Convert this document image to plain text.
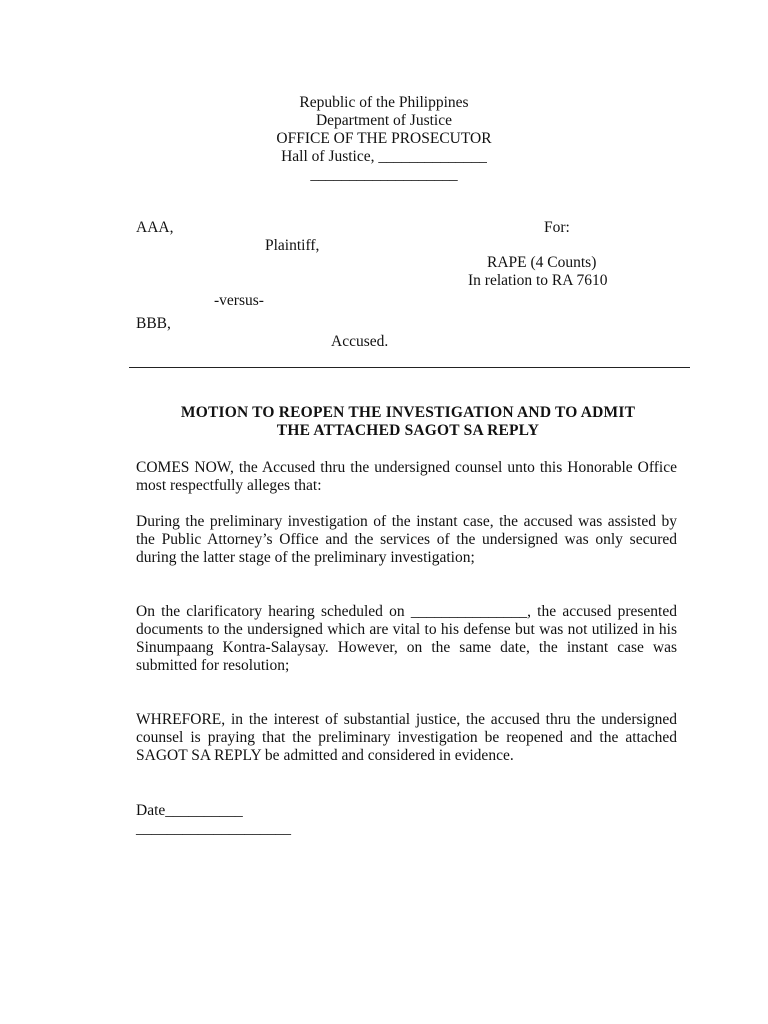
Republic of the Philippines
Department of Justice
OFFICE OF THE PROSECUTOR
Hall of Justice, ______________
___________________
AAA,
Plaintiff,
-versus-
BBB,
Accused.
For:
RAPE (4 Counts)
In relation to RA 7610
MOTION TO REOPEN THE INVESTIGATION AND TO ADMIT
THE ATTACHED SAGOT SA REPLY

COMES NOW, the Accused thru the undersigned counsel unto this Honorable Office most respectfully alleges that:

During the preliminary investigation of the instant case, the accused was assisted by the Public Attorney’s Office and the services of the undersigned was only secured during the latter stage of the preliminary investigation;

On the clarificatory hearing scheduled on _______________, the accused presented documents to the undersigned which are vital to his defense but was not utilized in his Sinumpaang Kontra-Salaysay. However, on the same date, the instant case was submitted for resolution;

WHREFORE, in the interest of substantial justice, the accused thru the undersigned counsel is praying that the preliminary investigation be reopened and the attached SAGOT SA REPLY be admitted and considered in evidence.

Date__________
____________________
